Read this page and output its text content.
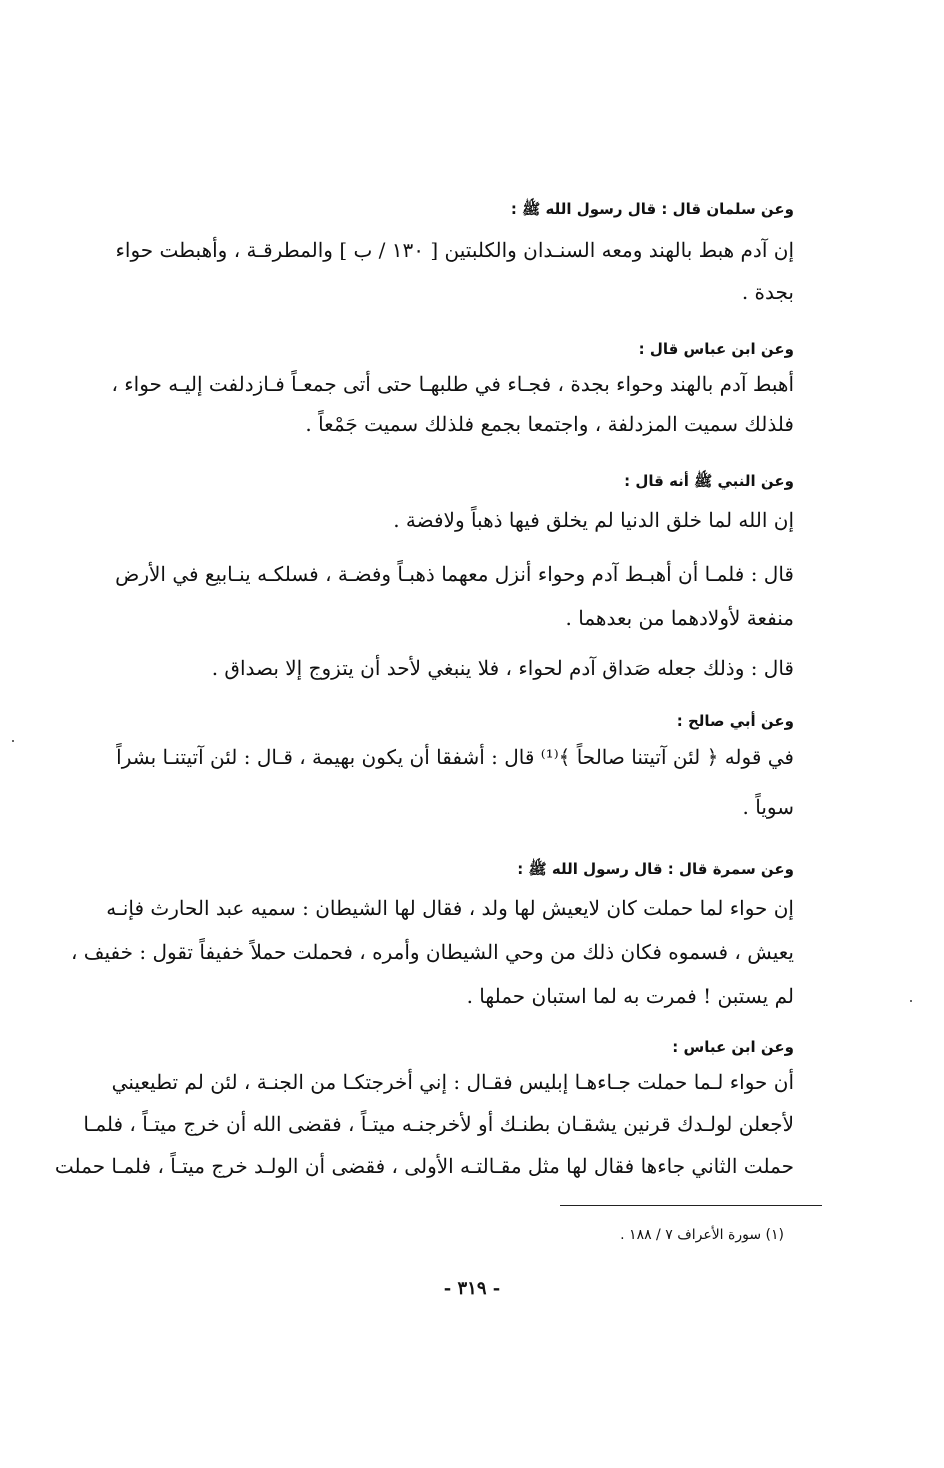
وعن سلمان قال : قال رسول الله ﷺ :
إن آدم هبط بالهند ومعه السنـدان والكلبتين [ ١٣٠ / ب ] والمطرقـة ، وأهبطت حواء
بجدة .
وعن ابن عباس قال :
أهبط آدم بالهند وحواء بجدة ، فجـاء في طلبهـا حتى أتى جمعـاً فـازدلفت إليـه حواء ،
فلذلك سميت المزدلفة ، واجتمعا بجمع فلذلك سميت جَمْعاً .
وعن النبي ﷺ أنه قال :
إن الله لما خلق الدنيا لم يخلق فيها ذهباً ولافضة .
قال : فلمـا أن أهبـط آدم وحواء أنزل معهما ذهبـاً وفضـة ، فسلكـه ينـابيع في الأرض
منفعة لأولادهما من بعدهما .
قال : وذلك جعله صَداق آدم لحواء ، فلا ينبغي لأحد أن يتزوج إلا بصداق .
وعن أبي صالح :
في قوله ﴿ لئن آتيتنا صالحاً ﴾⁽¹⁾ قال : أشفقا أن يكون بهيمة ، قـال : لئن آتيتنـا بشراً
سوياً .
وعن سمرة قال : قال رسول الله ﷺ :
إن حواء لما حملت كان لايعيش لها ولد ، فقال لها الشيطان : سميه عبد الحارث فإنـه
يعيش ، فسموه فكان ذلك من وحي الشيطان وأمره ، فحملت حملاً خفيفاً تقول : خفيف ،
لم يستبن ! فمرت به لما استبان حملها .
وعن ابن عباس :
أن حواء لـما حملت جـاءهـا إبليس فقـال : إني أخرجتكـا من الجنـة ، لئن لم تطيعيني
لأجعلن لولـدك قرنين يشقـان بطنـك أو لأخرجنـه ميتـاً ، فقضى الله أن خرج ميتـاً ، فلمـا
حملت الثاني جاءها فقال لها مثل مقـالتـه الأولى ، فقضى أن الولـد خرج ميتـاً ، فلمـا حملت
(١) سورة الأعراف ٧ / ١٨٨ .
- ٣١٩ -
